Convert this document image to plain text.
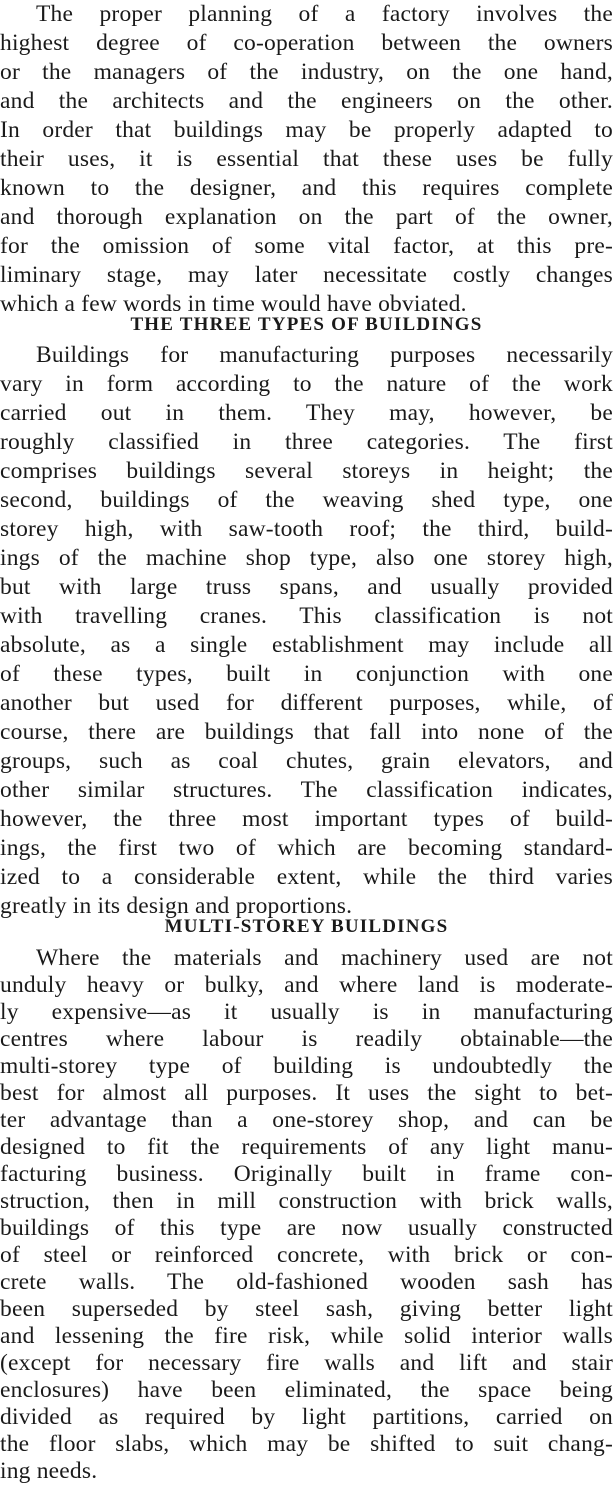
The proper planning of a factory involves the

highest degree of co-operation between the owners

or the managers of the industry, on the one hand,

and the architects and the engineers on the other.

In order that buildings may be properly adapted to

their uses, it is essential that these uses be fully

known to the designer, and this requires complete

and thorough explanation on the part of the owner,

for the omission of some vital factor, at this pre-

liminary stage, may later necessitate costly changes

which a few words in time would have obviated.

THE THREE TYPES OF BUILDINGS

Buildings for manufacturing purposes necessarily

vary in form according to the nature of the work

carried out in them. They may, however, be

roughly classified in three categories. The first

comprises buildings several storeys in height; the

second, buildings of the weaving shed type, one

storey high, with saw-tooth roof; the third, build-

ings of the machine shop type, also one storey high,

but with large truss spans, and usually provided

with travelling cranes. This classification is not

absolute, as a single establishment may include all

of these types, built in conjunction with one

another but used for different purposes, while, of

course, there are buildings that fall into none of the

groups, such as coal chutes, grain elevators, and

other similar structures. The classification indicates,

however, the three most important types of build-

ings, the first two of which are becoming standard-

ized to a considerable extent, while the third varies

greatly in its design and proportions.

MULTI-STOREY BUILDINGS

Where the materials and machinery used are not

unduly heavy or bulky, and where land is moderate-

ly expensive—as it usually is in manufacturing

centres where labour is readily obtainable—the

multi-storey type of building is undoubtedly the

best for almost all purposes. It uses the sight to bet-

ter advantage than a one-storey shop, and can be

designed to fit the requirements of any light manu-

facturing business. Originally built in frame con-

struction, then in mill construction with brick walls,

buildings of this type are now usually constructed

of steel or reinforced concrete, with brick or con-

crete walls. The old-fashioned wooden sash has

been superseded by steel sash, giving better light

and lessening the fire risk, while solid interior walls

(except for necessary fire walls and lift and stair

enclosures) have been eliminated, the space being

divided as required by light partitions, carried on

the floor slabs, which may be shifted to suit chang-

ing needs.
